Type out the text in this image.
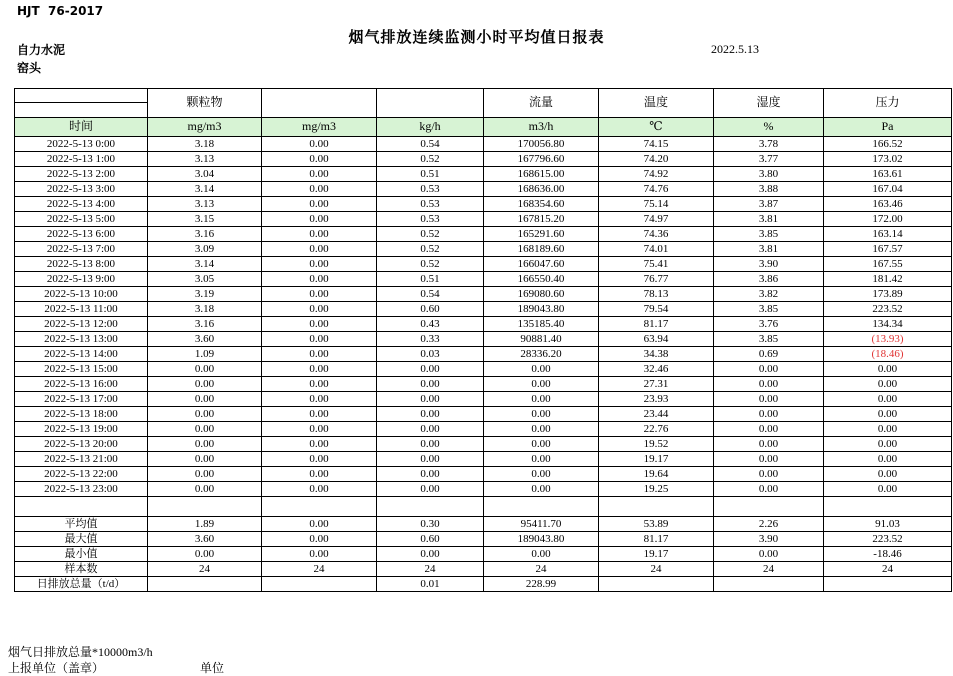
HJT  76-2017
烟气排放连续监测小时平均值日报表
2022.5.13
自力水泥
窑头
	颗粒物			流量	温度	湿度	压力

时间	mg/m3	mg/m3	kg/h	m3/h	℃	%	Pa
2022-5-13 0:00	3.18	0.00	0.54	170056.80	74.15	3.78	166.52
2022-5-13 1:00	3.13	0.00	0.52	167796.60	74.20	3.77	173.02
2022-5-13 2:00	3.04	0.00	0.51	168615.00	74.92	3.80	163.61
2022-5-13 3:00	3.14	0.00	0.53	168636.00	74.76	3.88	167.04
2022-5-13 4:00	3.13	0.00	0.53	168354.60	75.14	3.87	163.46
2022-5-13 5:00	3.15	0.00	0.53	167815.20	74.97	3.81	172.00
2022-5-13 6:00	3.16	0.00	0.52	165291.60	74.36	3.85	163.14
2022-5-13 7:00	3.09	0.00	0.52	168189.60	74.01	3.81	167.57
2022-5-13 8:00	3.14	0.00	0.52	166047.60	75.41	3.90	167.55
2022-5-13 9:00	3.05	0.00	0.51	166550.40	76.77	3.86	181.42
2022-5-13 10:00	3.19	0.00	0.54	169080.60	78.13	3.82	173.89
2022-5-13 11:00	3.18	0.00	0.60	189043.80	79.54	3.85	223.52
2022-5-13 12:00	3.16	0.00	0.43	135185.40	81.17	3.76	134.34
2022-5-13 13:00	3.60	0.00	0.33	90881.40	63.94	3.85	(13.93)
2022-5-13 14:00	1.09	0.00	0.03	28336.20	34.38	0.69	(18.46)
2022-5-13 15:00	0.00	0.00	0.00	0.00	32.46	0.00	0.00
2022-5-13 16:00	0.00	0.00	0.00	0.00	27.31	0.00	0.00
2022-5-13 17:00	0.00	0.00	0.00	0.00	23.93	0.00	0.00
2022-5-13 18:00	0.00	0.00	0.00	0.00	23.44	0.00	0.00
2022-5-13 19:00	0.00	0.00	0.00	0.00	22.76	0.00	0.00
2022-5-13 20:00	0.00	0.00	0.00	0.00	19.52	0.00	0.00
2022-5-13 21:00	0.00	0.00	0.00	0.00	19.17	0.00	0.00
2022-5-13 22:00	0.00	0.00	0.00	0.00	19.64	0.00	0.00
2022-5-13 23:00	0.00	0.00	0.00	0.00	19.25	0.00	0.00

平均值	1.89	0.00	0.30	95411.70	53.89	2.26	91.03
最大值	3.60	0.00	0.60	189043.80	81.17	3.90	223.52
最小值	0.00	0.00	0.00	0.00	19.17	0.00	-18.46
样本数	24	24	24	24	24	24	24
日排放总量（t/d）			0.01	228.99			
烟气日排放总量*10000m3/h
上报单位（盖章）	单位
